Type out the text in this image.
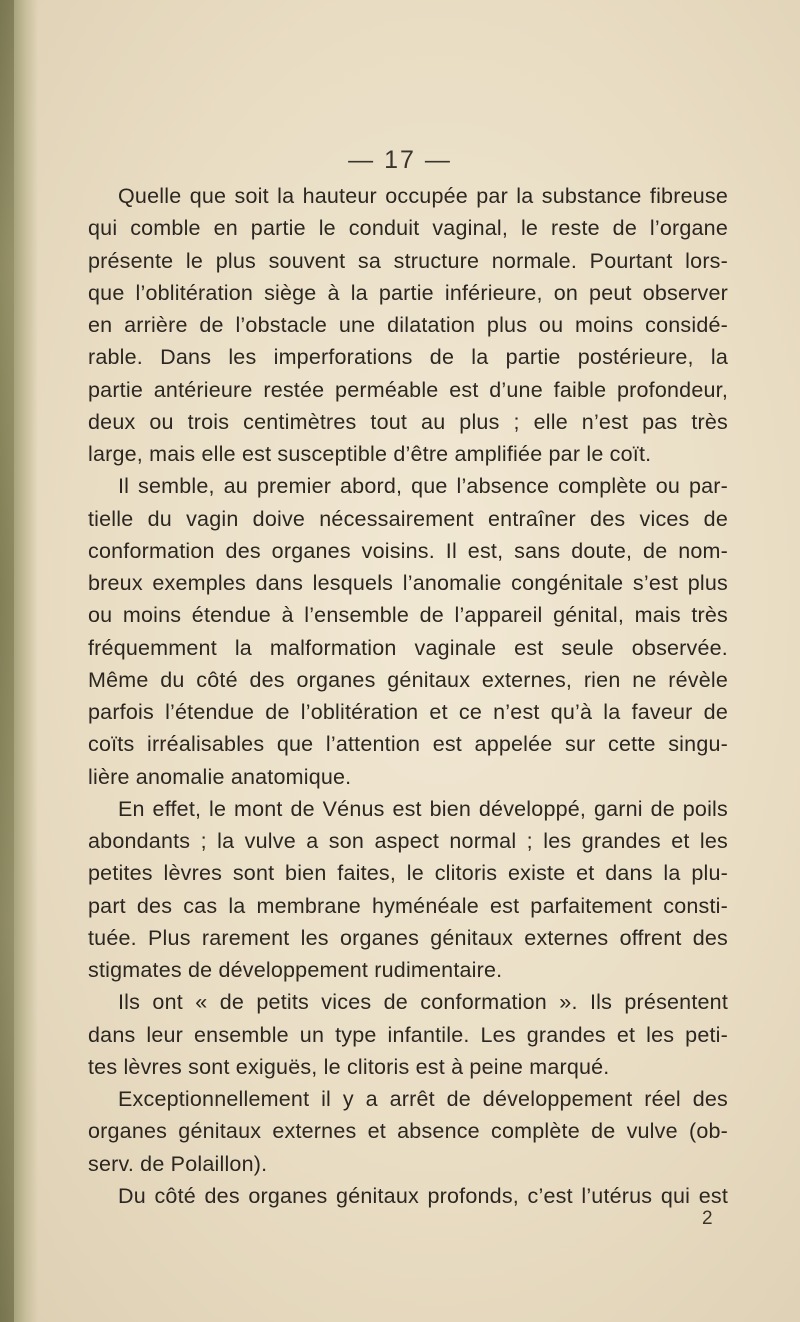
— 17 —
Quelle que soit la hauteur occupée par la substance fibreuse
qui comble en partie le conduit vaginal, le reste de l’organe
présente le plus souvent sa structure normale. Pourtant lors-
que l’oblitération siège à la partie inférieure, on peut observer
en arrière de l’obstacle une dilatation plus ou moins considé-
rable. Dans les imperforations de la partie postérieure, la
partie antérieure restée perméable est d’une faible profondeur,
deux ou trois centimètres tout au plus ; elle n’est pas très
large, mais elle est susceptible d’être amplifiée par le coït.
Il semble, au premier abord, que l’absence complète ou par-
tielle du vagin doive nécessairement entraîner des vices de
conformation des organes voisins. Il est, sans doute, de nom-
breux exemples dans lesquels l’anomalie congénitale s’est plus
ou moins étendue à l’ensemble de l’appareil génital, mais très
fréquemment la malformation vaginale est seule observée.
Même du côté des organes génitaux externes, rien ne révèle
parfois l’étendue de l’oblitération et ce n’est qu’à la faveur de
coïts irréalisables que l’attention est appelée sur cette singu-
lière anomalie anatomique.
En effet, le mont de Vénus est bien développé, garni de poils
abondants ; la vulve a son aspect normal ; les grandes et les
petites lèvres sont bien faites, le clitoris existe et dans la plu-
part des cas la membrane hyménéale est parfaitement consti-
tuée. Plus rarement les organes génitaux externes offrent des
stigmates de développement rudimentaire.
Ils ont « de petits vices de conformation ». Ils présentent
dans leur ensemble un type infantile. Les grandes et les peti-
tes lèvres sont exiguës, le clitoris est à peine marqué.
Exceptionnellement il y a arrêt de développement réel des
organes génitaux externes et absence complète de vulve (ob-
serv. de Polaillon).
Du côté des organes génitaux profonds, c’est l’utérus qui est
2
